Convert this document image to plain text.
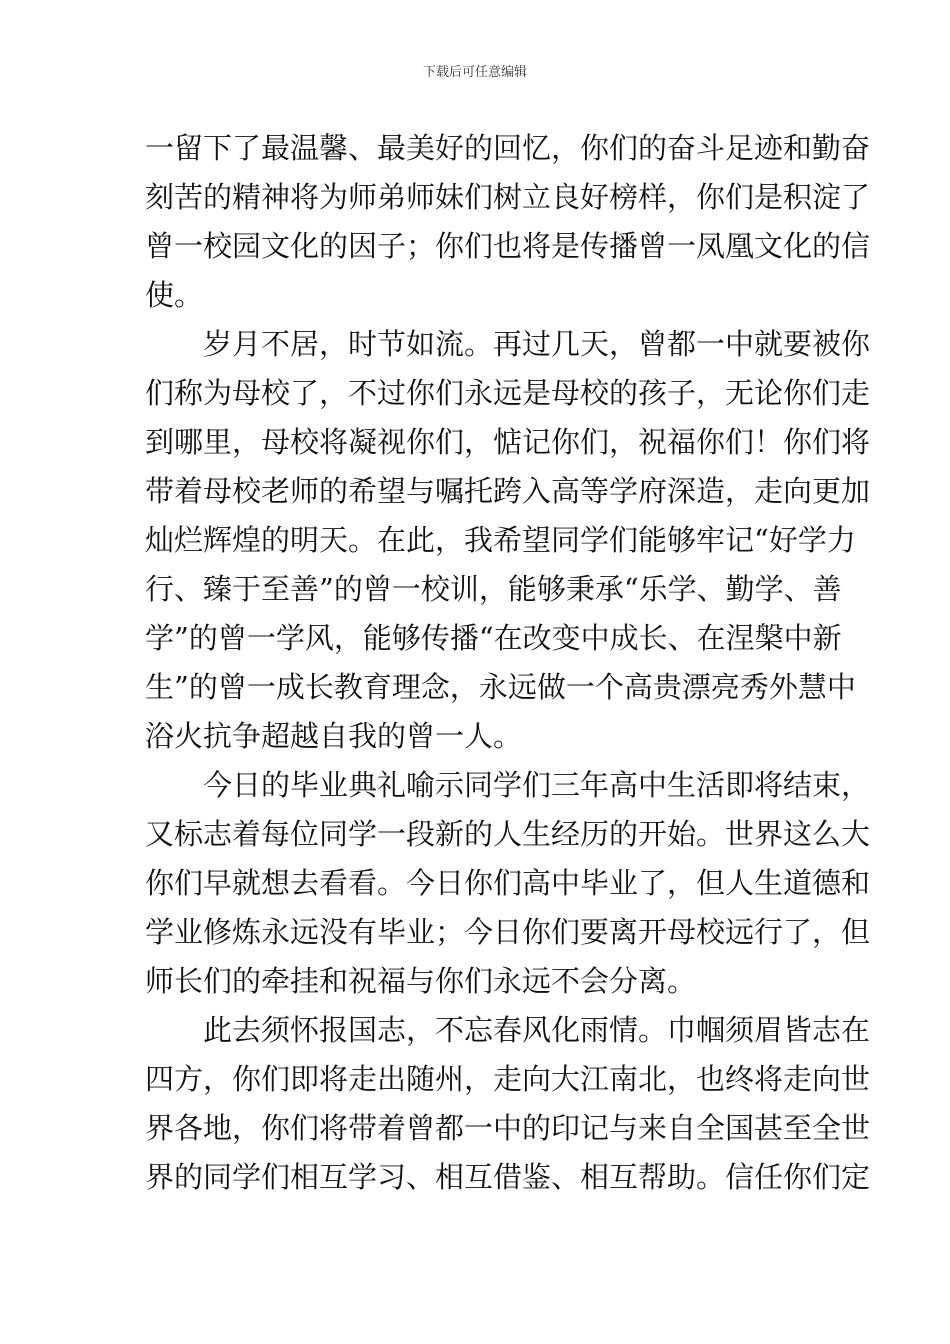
下载后可任意编辑
一留下了最温馨、最美好的回忆，你们的奋斗足迹和勤奋
刻苦的精神将为师弟师妹们树立良好榜样，你们是积淀了
曾一校园文化的因子；你们也将是传播曾一凤凰文化的信
使。
岁月不居，时节如流。再过几天，曾都一中就要被你
们称为母校了，不过你们永远是母校的孩子，无论你们走
到哪里，母校将凝视你们，惦记你们，祝福你们！你们将
带着母校老师的希望与嘱托跨入高等学府深造，走向更加
灿烂辉煌的明天。在此，我希望同学们能够牢记“好学力
行、臻于至善”的曾一校训，能够秉承“乐学、勤学、善
学”的曾一学风，能够传播“在改变中成长、在涅槃中新
生”的曾一成长教育理念，永远做一个高贵漂亮秀外慧中
浴火抗争超越自我的曾一人。
今日的毕业典礼喻示同学们三年高中生活即将结束，
又标志着每位同学一段新的人生经历的开始。世界这么大
你们早就想去看看。今日你们高中毕业了，但人生道德和
学业修炼永远没有毕业；今日你们要离开母校远行了，但
师长们的牵挂和祝福与你们永远不会分离。
此去须怀报国志，不忘春风化雨情。巾帼须眉皆志在
四方，你们即将走出随州，走向大江南北，也终将走向世
界各地，你们将带着曾都一中的印记与来自全国甚至全世
界的同学们相互学习、相互借鉴、相互帮助。信任你们定
